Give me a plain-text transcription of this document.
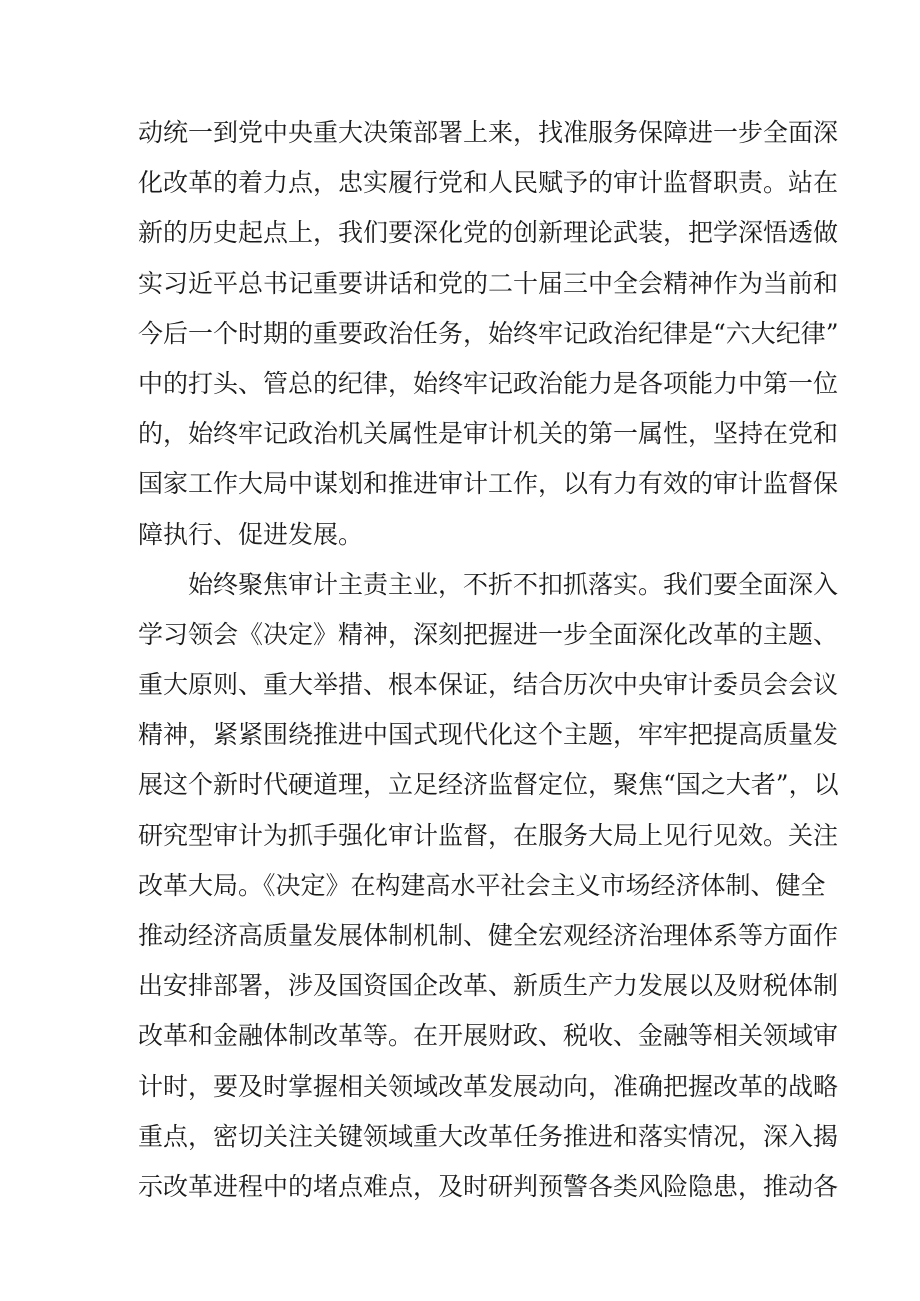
动统一到党中央重大决策部署上来，找准服务保障进一步全面深
化改革的着力点，忠实履行党和人民赋予的审计监督职责。站在
新的历史起点上，我们要深化党的创新理论武装，把学深悟透做
实习近平总书记重要讲话和党的二十届三中全会精神作为当前和
今后一个时期的重要政治任务，始终牢记政治纪律是“六大纪律”
中的打头、管总的纪律，始终牢记政治能力是各项能力中第一位
的，始终牢记政治机关属性是审计机关的第一属性，坚持在党和
国家工作大局中谋划和推进审计工作，以有力有效的审计监督保
障执行、促进发展。
始终聚焦审计主责主业，不折不扣抓落实。我们要全面深入
学习领会《决定》精神，深刻把握进一步全面深化改革的主题、
重大原则、重大举措、根本保证，结合历次中央审计委员会会议
精神，紧紧围绕推进中国式现代化这个主题，牢牢把提高质量发
展这个新时代硬道理，立足经济监督定位，聚焦“国之大者”，以
研究型审计为抓手强化审计监督，在服务大局上见行见效。关注
改革大局。《决定》在构建高水平社会主义市场经济体制、健全
推动经济高质量发展体制机制、健全宏观经济治理体系等方面作
出安排部署，涉及国资国企改革、新质生产力发展以及财税体制
改革和金融体制改革等。在开展财政、税收、金融等相关领域审
计时，要及时掌握相关领域改革发展动向，准确把握改革的战略
重点，密切关注关键领域重大改革任务推进和落实情况，深入揭
示改革进程中的堵点难点，及时研判预警各类风险隐患，推动各
